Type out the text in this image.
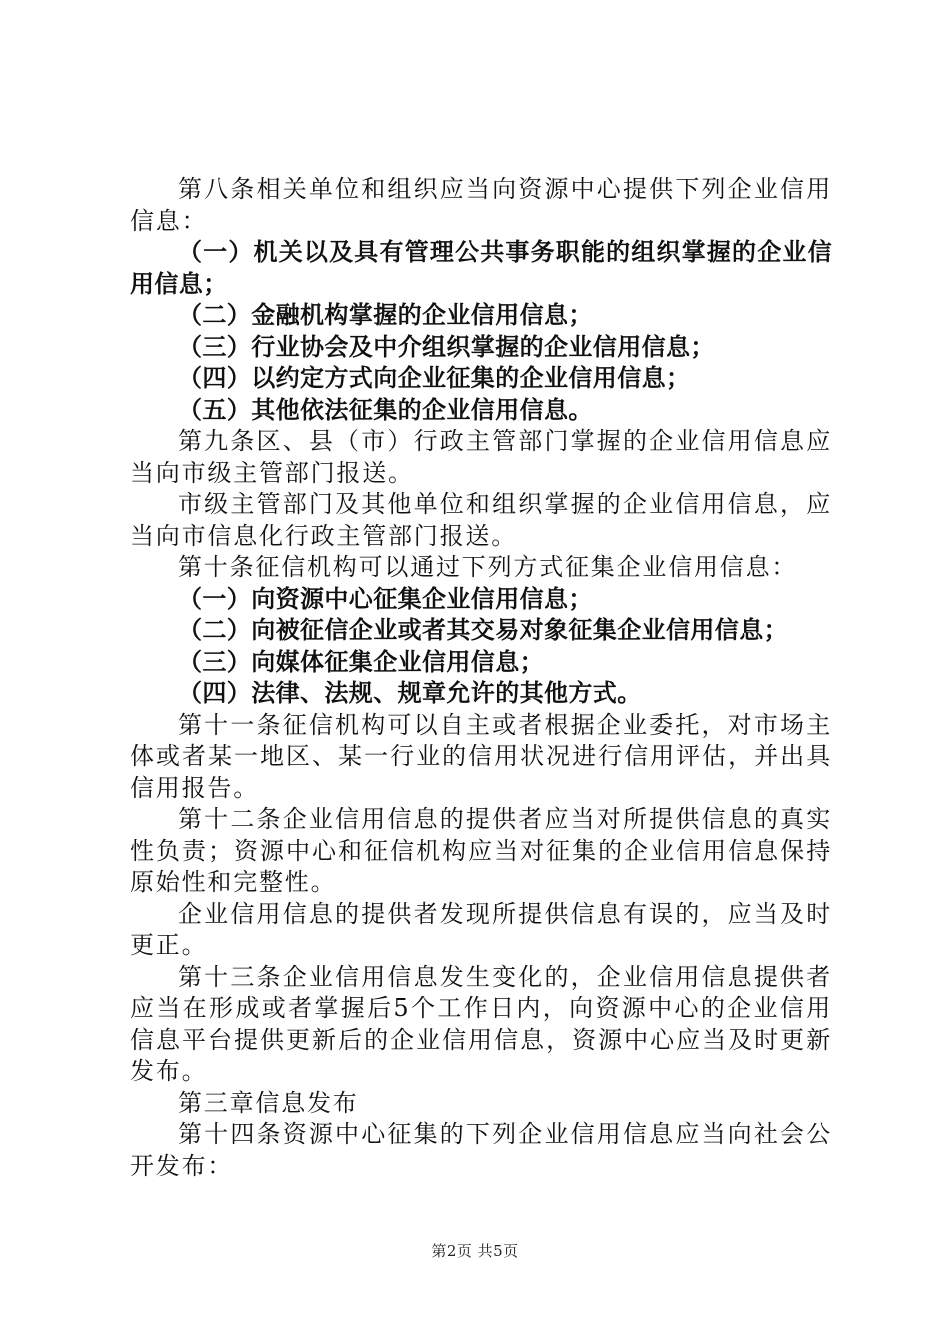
第八条相关单位和组织应当向资源中心提供下列企业信用信息：

（一）机关以及具有管理公共事务职能的组织掌握的企业信用信息；

（二）金融机构掌握的企业信用信息；

（三）行业协会及中介组织掌握的企业信用信息；

（四）以约定方式向企业征集的企业信用信息；

（五）其他依法征集的企业信用信息。

第九条区、县（市）行政主管部门掌握的企业信用信息应当向市级主管部门报送。

市级主管部门及其他单位和组织掌握的企业信用信息，应当向市信息化行政主管部门报送。

第十条征信机构可以通过下列方式征集企业信用信息：

（一）向资源中心征集企业信用信息；

（二）向被征信企业或者其交易对象征集企业信用信息；

（三）向媒体征集企业信用信息；

（四）法律、法规、规章允许的其他方式。

第十一条征信机构可以自主或者根据企业委托，对市场主体或者某一地区、某一行业的信用状况进行信用评估，并出具信用报告。

第十二条企业信用信息的提供者应当对所提供信息的真实性负责；资源中心和征信机构应当对征集的企业信用信息保持原始性和完整性。

企业信用信息的提供者发现所提供信息有误的，应当及时更正。

第十三条企业信用信息发生变化的，企业信用信息提供者应当在形成或者掌握后5个工作日内，向资源中心的企业信用信息平台提供更新后的企业信用信息，资源中心应当及时更新发布。

第三章信息发布

第十四条资源中心征集的下列企业信用信息应当向社会公开发布：

第2页 共5页
